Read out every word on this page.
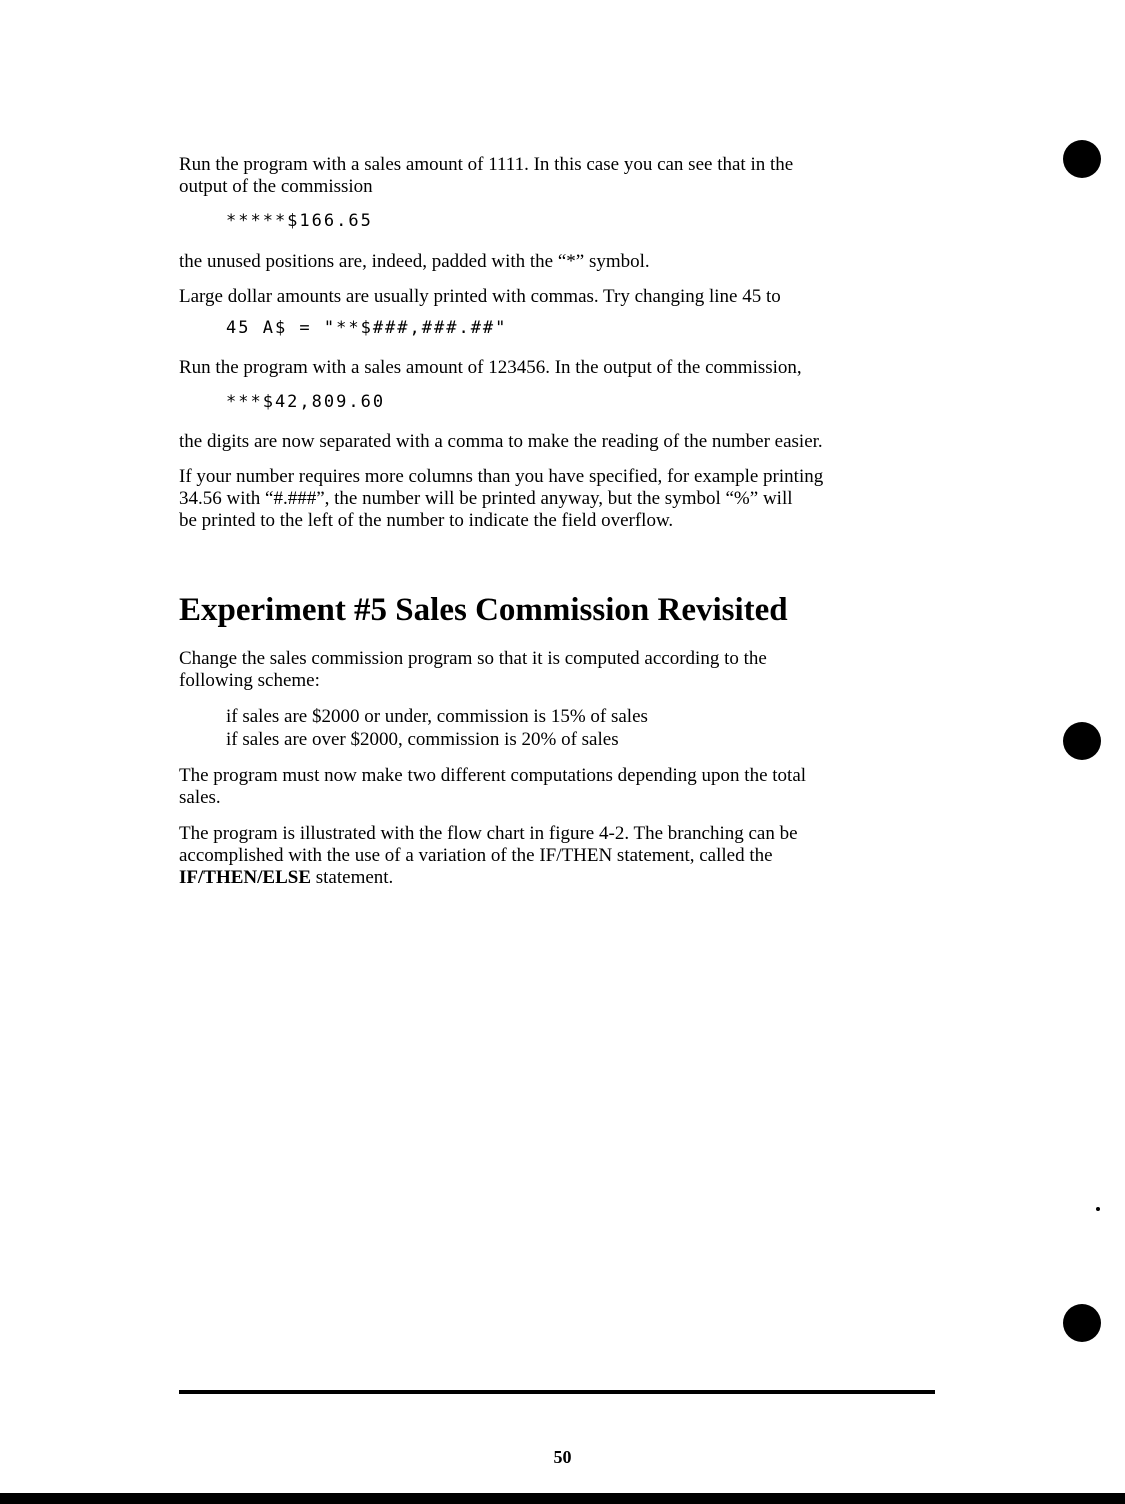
Run the program with a sales amount of 1111. In this case you can see that in the
output of the commission

*****$166.65

the unused positions are, indeed, padded with the “*” symbol.

Large dollar amounts are usually printed with commas. Try changing line 45 to

45 A$ = "**$###,###.##"

Run the program with a sales amount of 123456. In the output of the commission,

***$42,809.60

the digits are now separated with a comma to make the reading of the number easier.

If your number requires more columns than you have specified, for example printing
34.56 with “#.###”, the number will be printed anyway, but the symbol “%” will
be printed to the left of the number to indicate the field overflow.

Experiment #5 Sales Commission Revisited

Change the sales commission program so that it is computed according to the
following scheme:

if sales are $2000 or under, commission is 15% of sales

if sales are over $2000, commission is 20% of sales

The program must now make two different computations depending upon the total
sales.

The program is illustrated with the flow chart in figure 4-2. The branching can be
accomplished with the use of a variation of the IF/THEN statement, called the
IF/THEN/ELSE statement.

50
